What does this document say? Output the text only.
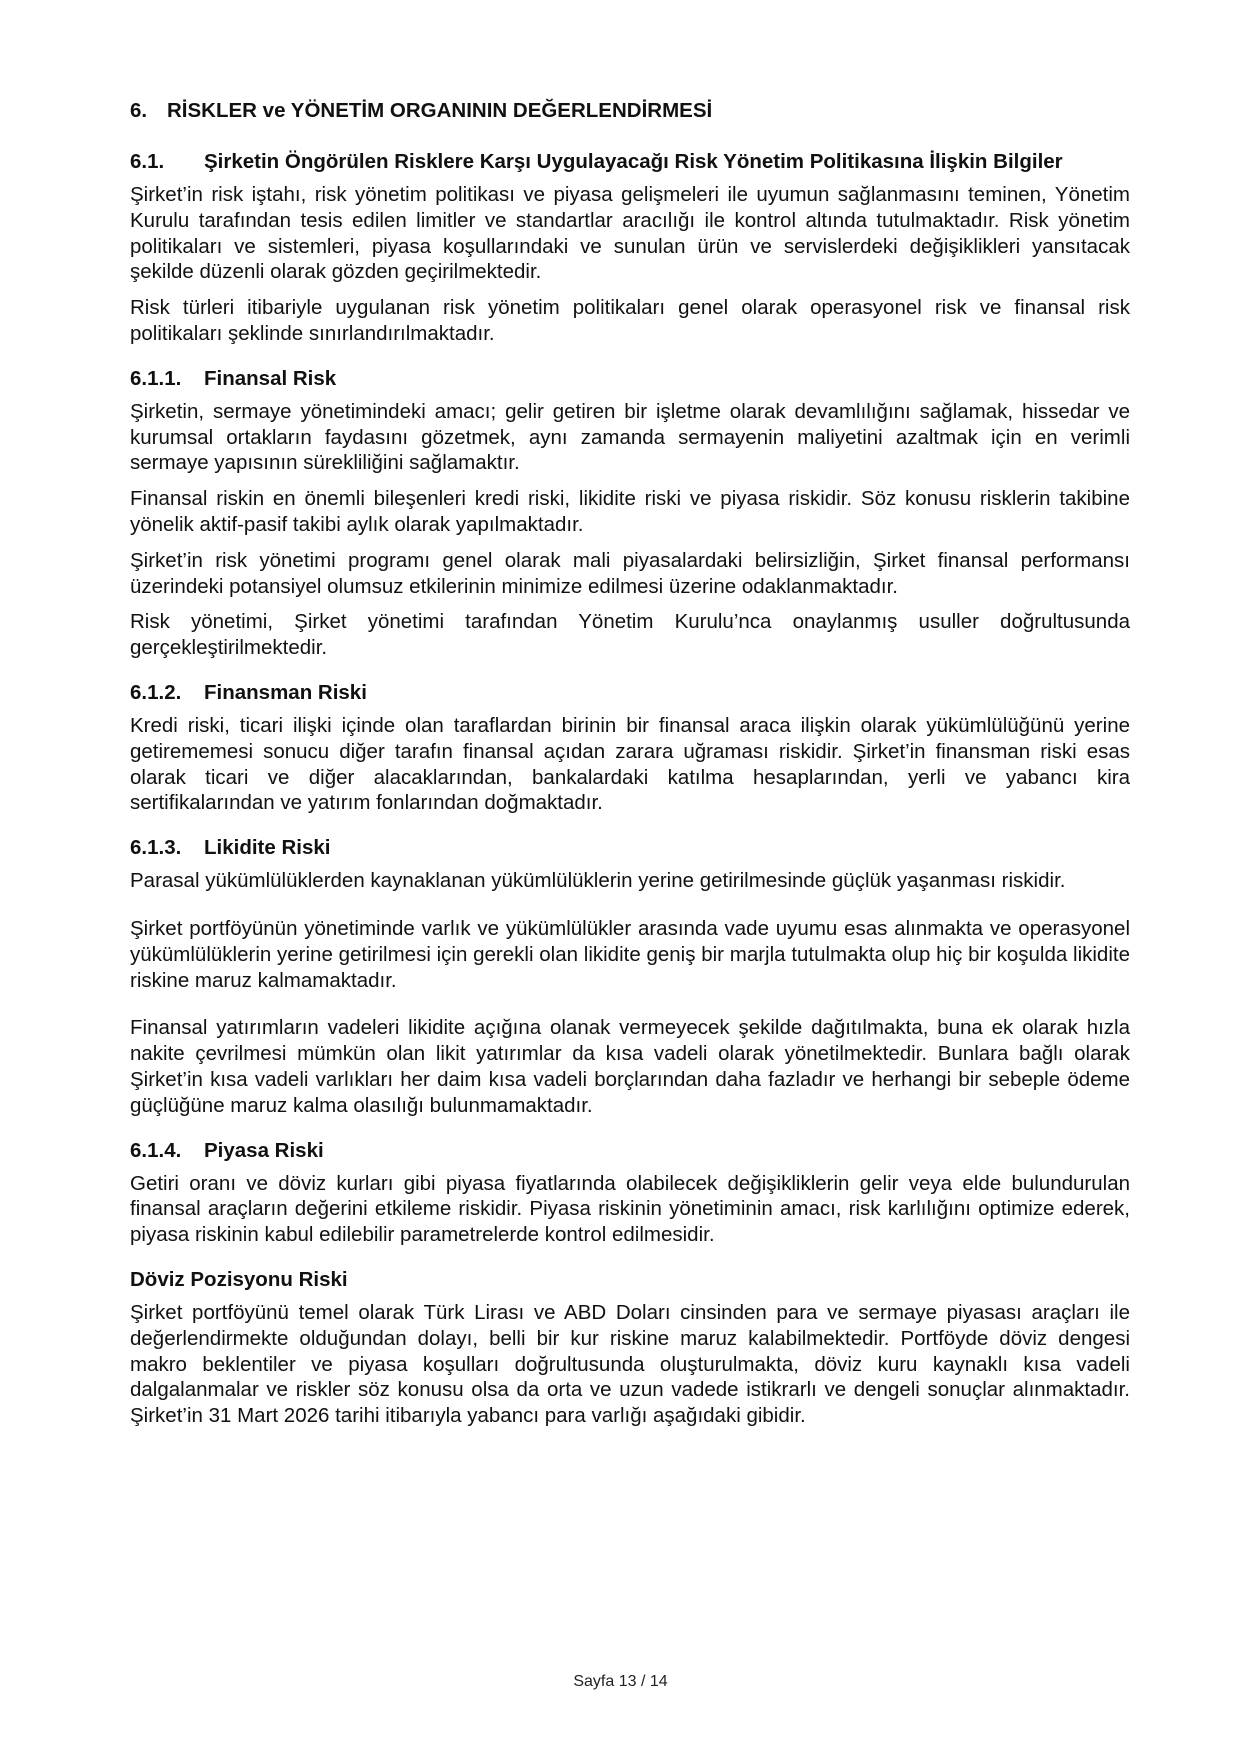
6. RİSKLER ve YÖNETİM ORGANININ DEĞERLENDİRMESİ
6.1. Şirketin Öngörülen Risklere Karşı Uygulayacağı Risk Yönetim Politikasına İlişkin Bilgiler

Şirket’in risk iştahı, risk yönetim politikası ve piyasa gelişmeleri ile uyumun sağlanmasını teminen, Yönetim Kurulu tarafından tesis edilen limitler ve standartlar aracılığı ile kontrol altında tutulmaktadır. Risk yönetim politikaları ve sistemleri, piyasa koşullarındaki ve sunulan ürün ve servislerdeki değişiklikleri yansıtacak şekilde düzenli olarak gözden geçirilmektedir.

Risk türleri itibariyle uygulanan risk yönetim politikaları genel olarak operasyonel risk ve finansal risk politikaları şeklinde sınırlandırılmaktadır.

6.1.1. Finansal Risk

Şirketin, sermaye yönetimindeki amacı; gelir getiren bir işletme olarak devamlılığını sağlamak, hissedar ve kurumsal ortakların faydasını gözetmek, aynı zamanda sermayenin maliyetini azaltmak için en verimli sermaye yapısının sürekliliğini sağlamaktır.

Finansal riskin en önemli bileşenleri kredi riski, likidite riski ve piyasa riskidir. Söz konusu risklerin takibine yönelik aktif-pasif takibi aylık olarak yapılmaktadır.

Şirket’in risk yönetimi programı genel olarak mali piyasalardaki belirsizliğin, Şirket finansal performansı üzerindeki potansiyel olumsuz etkilerinin minimize edilmesi üzerine odaklanmaktadır.

Risk yönetimi, Şirket yönetimi tarafından Yönetim Kurulu’nca onaylanmış usuller doğrultusunda gerçekleştirilmektedir.

6.1.2. Finansman Riski

Kredi riski, ticari ilişki içinde olan taraflardan birinin bir finansal araca ilişkin olarak yükümlülüğünü yerine getirememesi sonucu diğer tarafın finansal açıdan zarara uğraması riskidir. Şirket’in finansman riski esas olarak ticari ve diğer alacaklarından, bankalardaki katılma hesaplarından, yerli ve yabancı kira sertifikalarından ve yatırım fonlarından doğmaktadır.

6.1.3. Likidite Riski

Parasal yükümlülüklerden kaynaklanan yükümlülüklerin yerine getirilmesinde güçlük yaşanması riskidir.

Şirket portföyünün yönetiminde varlık ve yükümlülükler arasında vade uyumu esas alınmakta ve operasyonel yükümlülüklerin yerine getirilmesi için gerekli olan likidite geniş bir marjla tutulmakta olup hiç bir koşulda likidite riskine maruz kalmamaktadır.

Finansal yatırımların vadeleri likidite açığına olanak vermeyecek şekilde dağıtılmakta, buna ek olarak hızla nakite çevrilmesi mümkün olan likit yatırımlar da kısa vadeli olarak yönetilmektedir. Bunlara bağlı olarak Şirket’in kısa vadeli varlıkları her daim kısa vadeli borçlarından daha fazladır ve herhangi bir sebeple ödeme güçlüğüne maruz kalma olasılığı bulunmamaktadır.

6.1.4. Piyasa Riski

Getiri oranı ve döviz kurları gibi piyasa fiyatlarında olabilecek değişikliklerin gelir veya elde bulundurulan finansal araçların değerini etkileme riskidir. Piyasa riskinin yönetiminin amacı, risk karlılığını optimize ederek, piyasa riskinin kabul edilebilir parametrelerde kontrol edilmesidir.

Döviz Pozisyonu Riski

Şirket portföyünü temel olarak Türk Lirası ve ABD Doları cinsinden para ve sermaye piyasası araçları ile değerlendirmekte olduğundan dolayı, belli bir kur riskine maruz kalabilmektedir. Portföyde döviz dengesi makro beklentiler ve piyasa koşulları doğrultusunda oluşturulmakta, döviz kuru kaynaklı kısa vadeli dalgalanmalar ve riskler söz konusu olsa da orta ve uzun vadede istikrarlı ve dengeli sonuçlar alınmaktadır. Şirket’in 31 Mart 2026 tarihi itibarıyla yabancı para varlığı aşağıdaki gibidir.

Sayfa 13 / 14
